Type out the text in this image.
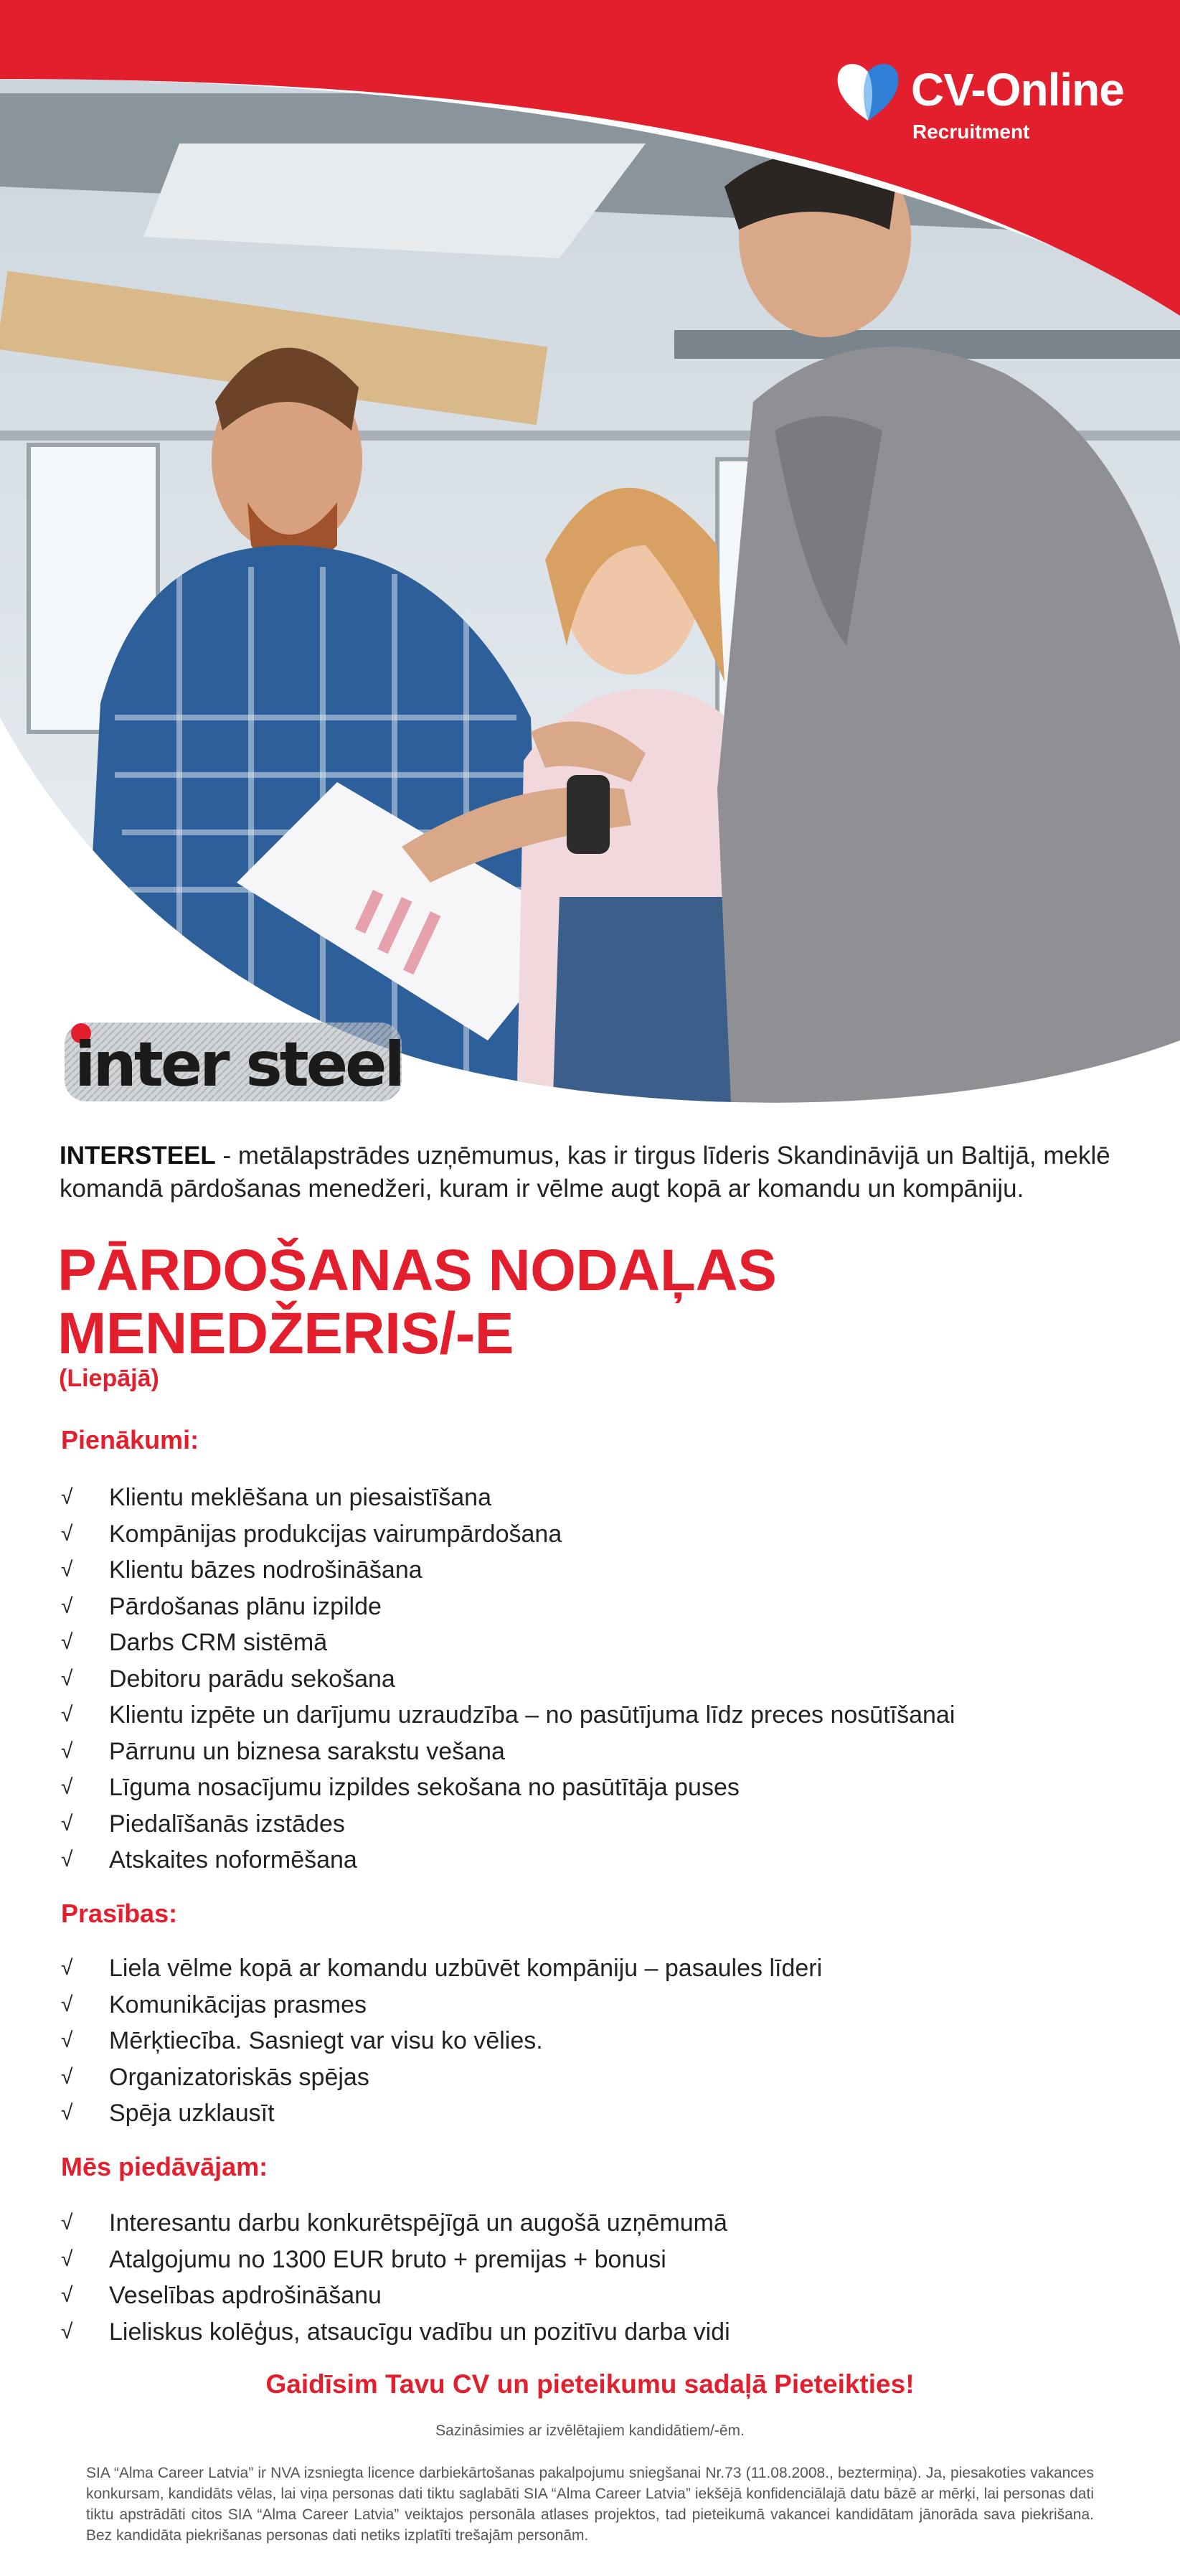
CV-Online
Recruitment
inter steel
INTERSTEEL - metālapstrādes uzņēmumus, kas ir tirgus līderis Skandināvijā un Baltijā, meklē komandā pārdošanas menedžeri, kuram ir vēlme augt kopā ar komandu un kompāniju.
PĀRDOŠANAS NODAĻAS
MENEDŽERIS/-E
(Liepājā)
Pienākumi:
√	Klientu meklēšana un piesaistīšana
√	Kompānijas produkcijas vairumpārdošana
√	Klientu bāzes nodrošināšana
√	Pārdošanas plānu izpilde
√	Darbs CRM sistēmā
√	Debitoru parādu sekošana
√	Klientu izpēte un darījumu uzraudzība – no pasūtījuma līdz preces nosūtīšanai
√	Pārrunu un biznesa sarakstu vešana
√	Līguma nosacījumu izpildes sekošana no pasūtītāja puses
√	Piedalīšanās izstādes
√	Atskaites noformēšana
Prasības:
√	Liela vēlme kopā ar komandu uzbūvēt kompāniju – pasaules līderi
√	Komunikācijas prasmes
√	Mērķtiecība. Sasniegt var visu ko vēlies.
√	Organizatoriskās spējas
√	Spēja uzklausīt
Mēs piedāvājam:
√	Interesantu darbu konkurētspējīgā un augošā uzņēmumā
√	Atalgojumu no 1300 EUR bruto + premijas + bonusi
√	Veselības apdrošināšanu
√	Lieliskus kolēģus, atsaucīgu vadību un pozitīvu darba vidi
Gaidīsim Tavu CV un pieteikumu sadaļā Pieteikties!
Sazināsimies ar izvēlētajiem kandidātiem/-ēm.
SIA “Alma Career Latvia” ir NVA izsniegta licence darbiekārtošanas pakalpojumu sniegšanai Nr.73 (11.08.2008., beztermiņa). Ja, piesakoties vakances konkursam, kandidāts vēlas, lai viņa personas dati tiktu saglabāti SIA “Alma Career Latvia” iekšējā konfidenciālajā datu bāzē ar mērķi, lai personas dati tiktu apstrādāti citos SIA “Alma Career Latvia” veiktajos personāla atlases projektos, tad pieteikumā vakancei kandidātam jānorāda sava piekrišana. Bez kandidāta piekrišanas personas dati netiks izplatīti trešajām personām.
